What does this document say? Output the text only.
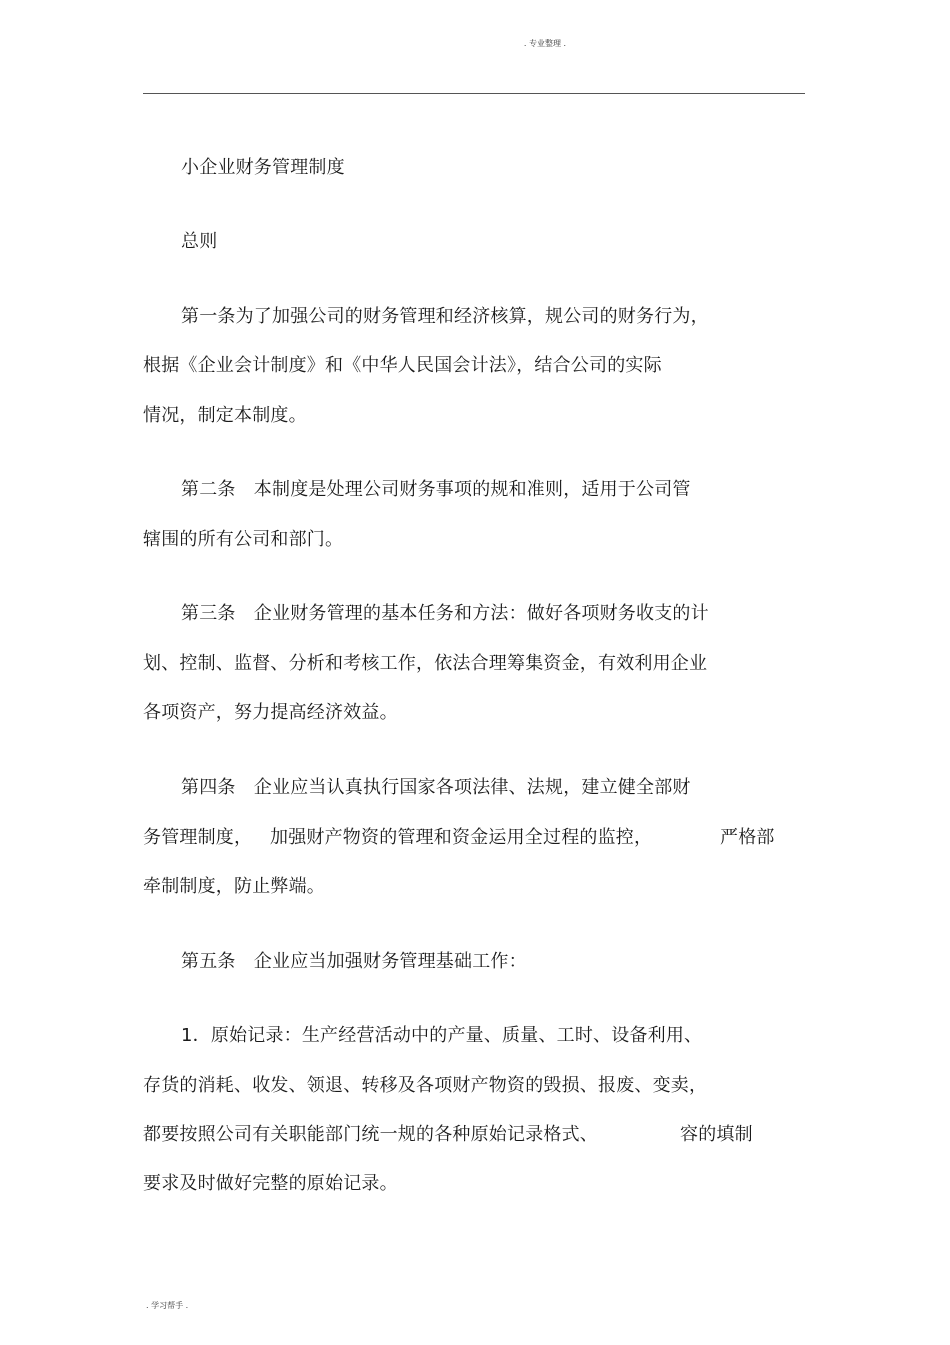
. 专业整理 .
小企业财务管理制度
总则
第一条为了加强公司的财务管理和经济核算，规公司的财务行为，
根据《企业会计制度》和《中华人民国会计法》，结合公司的实际
情况，制定本制度。
第二条　本制度是处理公司财务事项的规和准则，适用于公司管
辖围的所有公司和部门。
第三条　企业财务管理的基本任务和方法：做好各项财务收支的计
划、控制、监督、分析和考核工作，依法合理筹集资金，有效利用企业
各项资产，努力提高经济效益。
第四条　企业应当认真执行国家各项法律、法规，建立健全部财
务管理制度， 加强财产物资的管理和资金运用全过程的监控，	严格部
牵制制度，防止弊端。
第五条　企业应当加强财务管理基础工作：
1．原始记录：生产经营活动中的产量、质量、工时、设备利用、
存货的消耗、收发、领退、转移及各项财产物资的毁损、报废、变卖，
都要按照公司有关职能部门统一规的各种原始记录格式、	容的填制
要求及时做好完整的原始记录。
. 学习帮手 .
